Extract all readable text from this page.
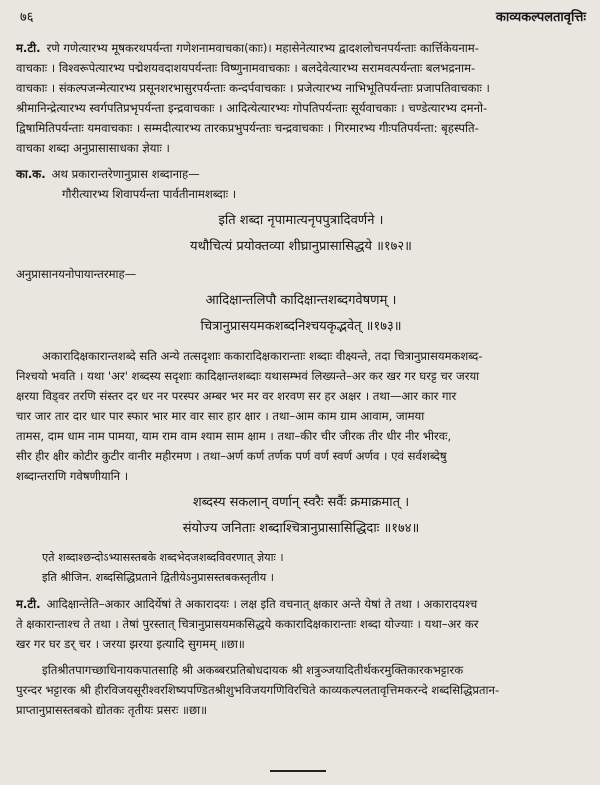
७६	काव्यकल्पलतावृत्तिः
म.टी. रणे गणेत्यारभ्य मूषकरथपर्यन्ता गणेशनामवाचका(काः)। महासेनेत्यारभ्य द्वादशलोचनपर्यन्ताः कार्त्तिकेयनाम-
वाचकाः । विश्वरूपेत्यारभ्य पद्मेशयवदाशयपर्यन्ताः विष्णुनामवाचकाः । बलदेवेत्यारभ्य सरामवत्पर्यन्ताः बलभद्रनाम-
वाचकाः । संकल्पजन्मेत्यारभ्य प्रसूनशरभासुरपर्यन्ताः कन्दर्पवाचकाः । प्रजेत्यारभ्य नाभिभूतिपर्यन्ताः प्रजापतिवाचकाः ।
श्रीमानिन्द्रेत्यारभ्य स्वर्गपतिप्रभृपर्यन्ता इन्द्रवाचकाः । आदित्येत्यारभ्यः गोपतिपर्यन्ताः सूर्यवाचकाः । चण्डेत्यारभ्य दमनो-
द्विषामितिपर्यन्ताः यमवाचकाः । सम्मदीत्यारभ्य तारकप्रभुपर्यन्ताः चन्द्रवाचकाः । गिरमारभ्य गीःपतिपर्यन्ता: बृहस्पति-
वाचका शब्दा अनुप्रासासाधका ज्ञेयाः ।
का.क. अथ प्रकारान्तरेणानुप्रास शब्दानाह—
गौरीत्यारभ्य शिवापर्यन्ता पार्वतीनामशब्दाः ।
इति शब्दा नृपामात्यनृपपुत्रादिवर्णने ।
यथौचित्यं प्रयोक्तव्या शीघ्रानुप्रासासिद्धये ॥१७२॥
अनुप्रासानयनोपायान्तरमाह—
आदिक्षान्तलिपौ कादिक्षान्तशब्दगवेषणम् ।
चित्रानुप्रासयमकशब्दनिश्चयकृद्भवेत् ॥१७३॥
अकारादिक्षकारान्तशब्दे सति अन्ये तत्सदृशाः ककारादिक्षकारान्ताः शब्दाः वीक्ष्यन्ते, तदा चित्रानुप्रासयमकशब्द-
निश्चयो भवति । यथा 'अर' शब्दस्य सदृशाः कादिक्षान्तशब्दाः यथासम्भवं लिख्यन्ते–अर कर खर गर घरट्ट चर जरया
क्षरया विड्वर तरणि संस्तर दर धर नर परस्पर अम्बर भर मर वर शरवण सर हर अक्षर । तथा—आर कार गार
चार जार तार दार धार पार स्फार भार मार वार सार हार क्षार । तथा–आम काम ग्राम आवाम, जामया
तामस, दाम धाम नाम पामया, याम राम वाम श्याम साम क्षाम । तथा–कीर चीर जीरक तीर धीर नीर भीरवः,
सीर हीर क्षीर कोटीर कुटीर वानीर महीरमण । तथा–अर्ण कर्ण तर्णक पर्ण वर्ण स्वर्ण अर्णव । एवं सर्वशब्देषु
शब्दान्तराणि गवेषणीयानि ।
शब्दस्य सकलान् वर्णान् स्वरैः सर्वैः क्रमाक्रमात् ।
संयोज्य जनिताः शब्दाश्चित्रानुप्रासासिद्धिदाः ॥१७४॥
एते शब्दाश्छन्दोऽभ्यासस्तबके शब्दभेदजशब्दविवरणात् ज्ञेयाः ।
इति श्रीजिन. शब्दसिद्धिप्रताने द्वितीयेऽनुप्रासस्तबकस्तृतीय ।
म.टी. आदिक्षान्तेति–अकार आदिर्येषां ते अकारादयः । लक्ष इति वचनात् क्षकार अन्ते येषां ते तथा । अकारादयश्च
ते क्षकारान्ताश्च ते तथा । तेषां पुरस्तात् चित्रानुप्रासयमकसिद्धये ककारादिक्षकारान्ताः शब्दा योज्याः । यथा–अर कर
खर गर घर डर् चर । जरया झरया इत्यादि सुगमम् ॥छा॥
इतिश्रीतपागच्छाधिनायकपातसाहि श्री अकब्बरप्रतिबोधदायक श्री शत्रुञ्जयादितीर्थकरमुक्तिकारकभट्टारक
पुरन्दर भट्टारक श्री हीरविजयसूरीश्वरशिष्यपण्डितश्रीशुभविजयगणिविरचिते काव्यकल्पलतावृत्तिमकरन्दे शब्दसिद्धिप्रतान-
प्राप्तानुप्रासस्तबको द्योतकः तृतीयः प्रसरः ॥छा॥
